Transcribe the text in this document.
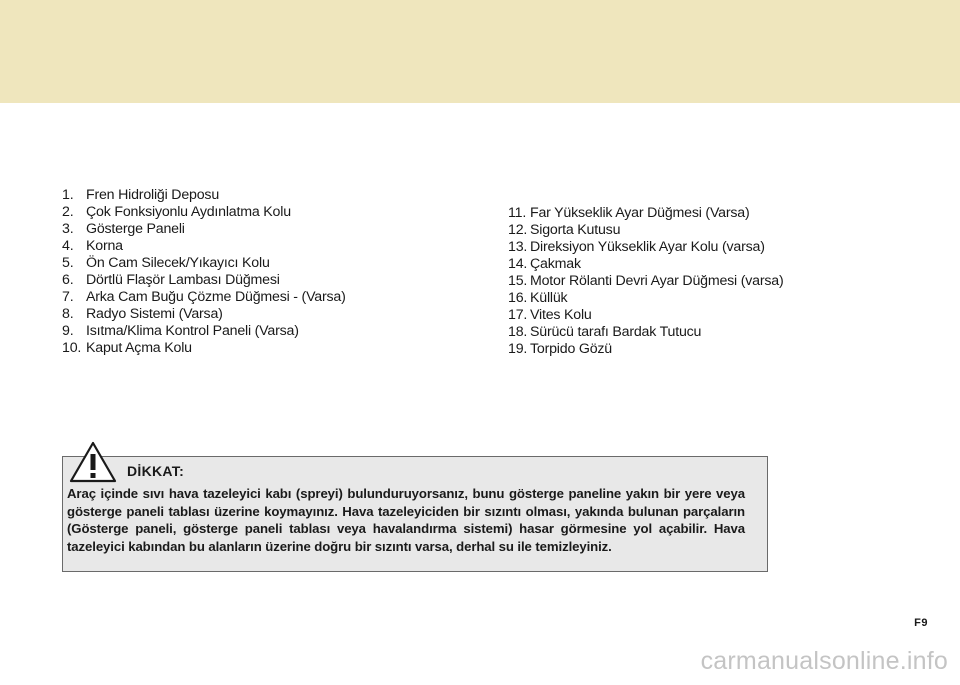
1. Fren Hidroliği Deposu
2. Çok Fonksiyonlu Aydınlatma Kolu
3. Gösterge Paneli
4. Korna
5. Ön Cam Silecek/Yıkayıcı Kolu
6. Dörtlü Flaşör Lambası Düğmesi
7. Arka Cam Buğu Çözme Düğmesi - (Varsa)
8. Radyo Sistemi (Varsa)
9. Isıtma/Klima Kontrol Paneli (Varsa)
10. Kaput Açma Kolu
11. Far Yükseklik Ayar Düğmesi (Varsa)
12. Sigorta Kutusu
13. Direksiyon Yükseklik Ayar Kolu (varsa)
14. Çakmak
15. Motor Rölanti Devri Ayar Düğmesi (varsa)
16. Küllük
17. Vites Kolu
18. Sürücü tarafı Bardak Tutucu
19. Torpido Gözü
DİKKAT:
Araç içinde sıvı hava tazeleyici kabı (spreyi) bulunduruyorsanız, bunu gösterge paneline yakın bir yere veya gösterge paneli tablası üzerine koymayınız. Hava tazeleyiciden bir sızıntı olması, yakında bulunan parçaların (Gösterge paneli, gösterge paneli tablası veya havalandırma sistemi) hasar görmesine yol açabilir. Hava tazeleyici kabından bu alanların üzerine doğru bir sızıntı varsa, derhal su ile temizleyiniz.
F9
carmanualsonline.info
